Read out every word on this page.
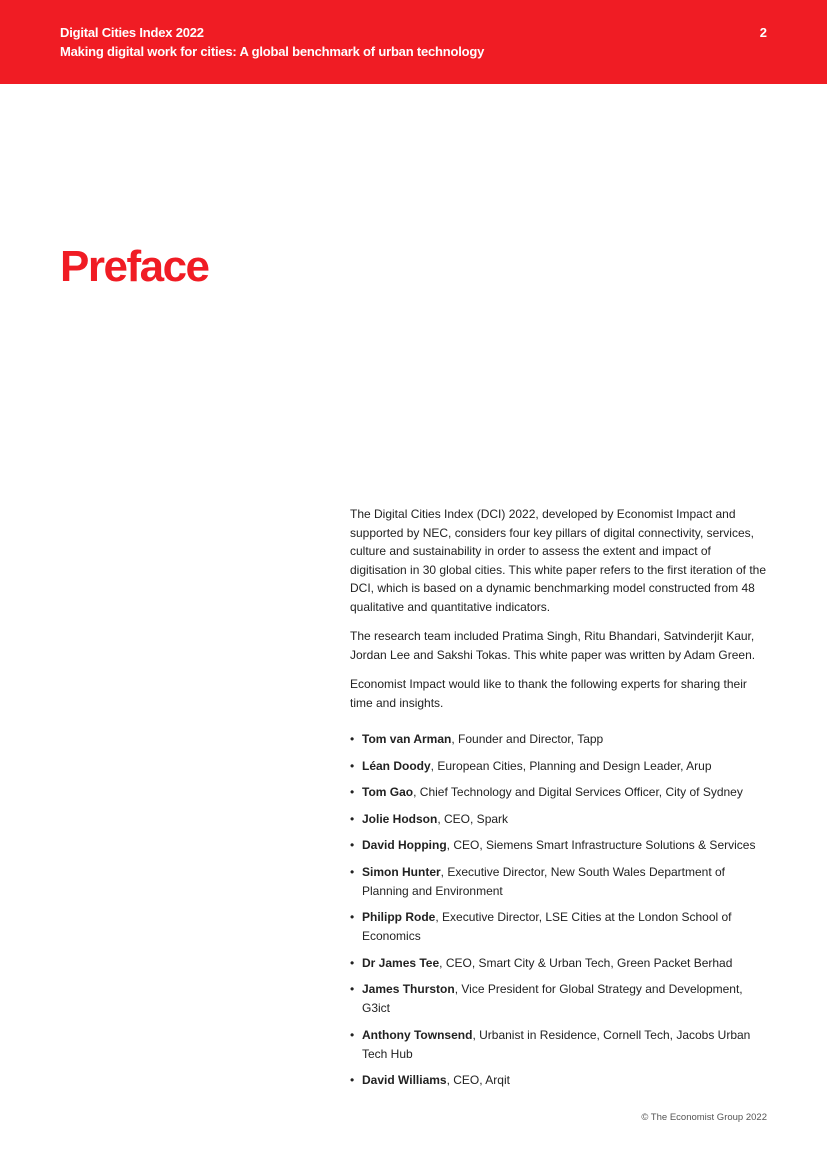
Digital Cities Index 2022
Making digital work for cities: A global benchmark of urban technology
2
Preface

The Digital Cities Index (DCI) 2022, developed by Economist Impact and supported by NEC, considers four key pillars of digital connectivity, services, culture and sustainability in order to assess the extent and impact of digitisation in 30 global cities. This white paper refers to the first iteration of the DCI, which is based on a dynamic benchmarking model constructed from 48 qualitative and quantitative indicators.

The research team included Pratima Singh, Ritu Bhandari, Satvinderjit Kaur, Jordan Lee and Sakshi Tokas. This white paper was written by Adam Green.

Economist Impact would like to thank the following experts for sharing their time and insights.

• Tom van Arman, Founder and Director, Tapp
• Léan Doody, European Cities, Planning and Design Leader, Arup
• Tom Gao, Chief Technology and Digital Services Officer, City of Sydney
• Jolie Hodson, CEO, Spark
• David Hopping, CEO, Siemens Smart Infrastructure Solutions & Services
• Simon Hunter, Executive Director, New South Wales Department of Planning and Environment
• Philipp Rode, Executive Director, LSE Cities at the London School of Economics
• Dr James Tee, CEO, Smart City & Urban Tech, Green Packet Berhad
• James Thurston, Vice President for Global Strategy and Development, G3ict
• Anthony Townsend, Urbanist in Residence, Cornell Tech, Jacobs Urban Tech Hub
• David Williams, CEO, Arqit
© The Economist Group 2022
